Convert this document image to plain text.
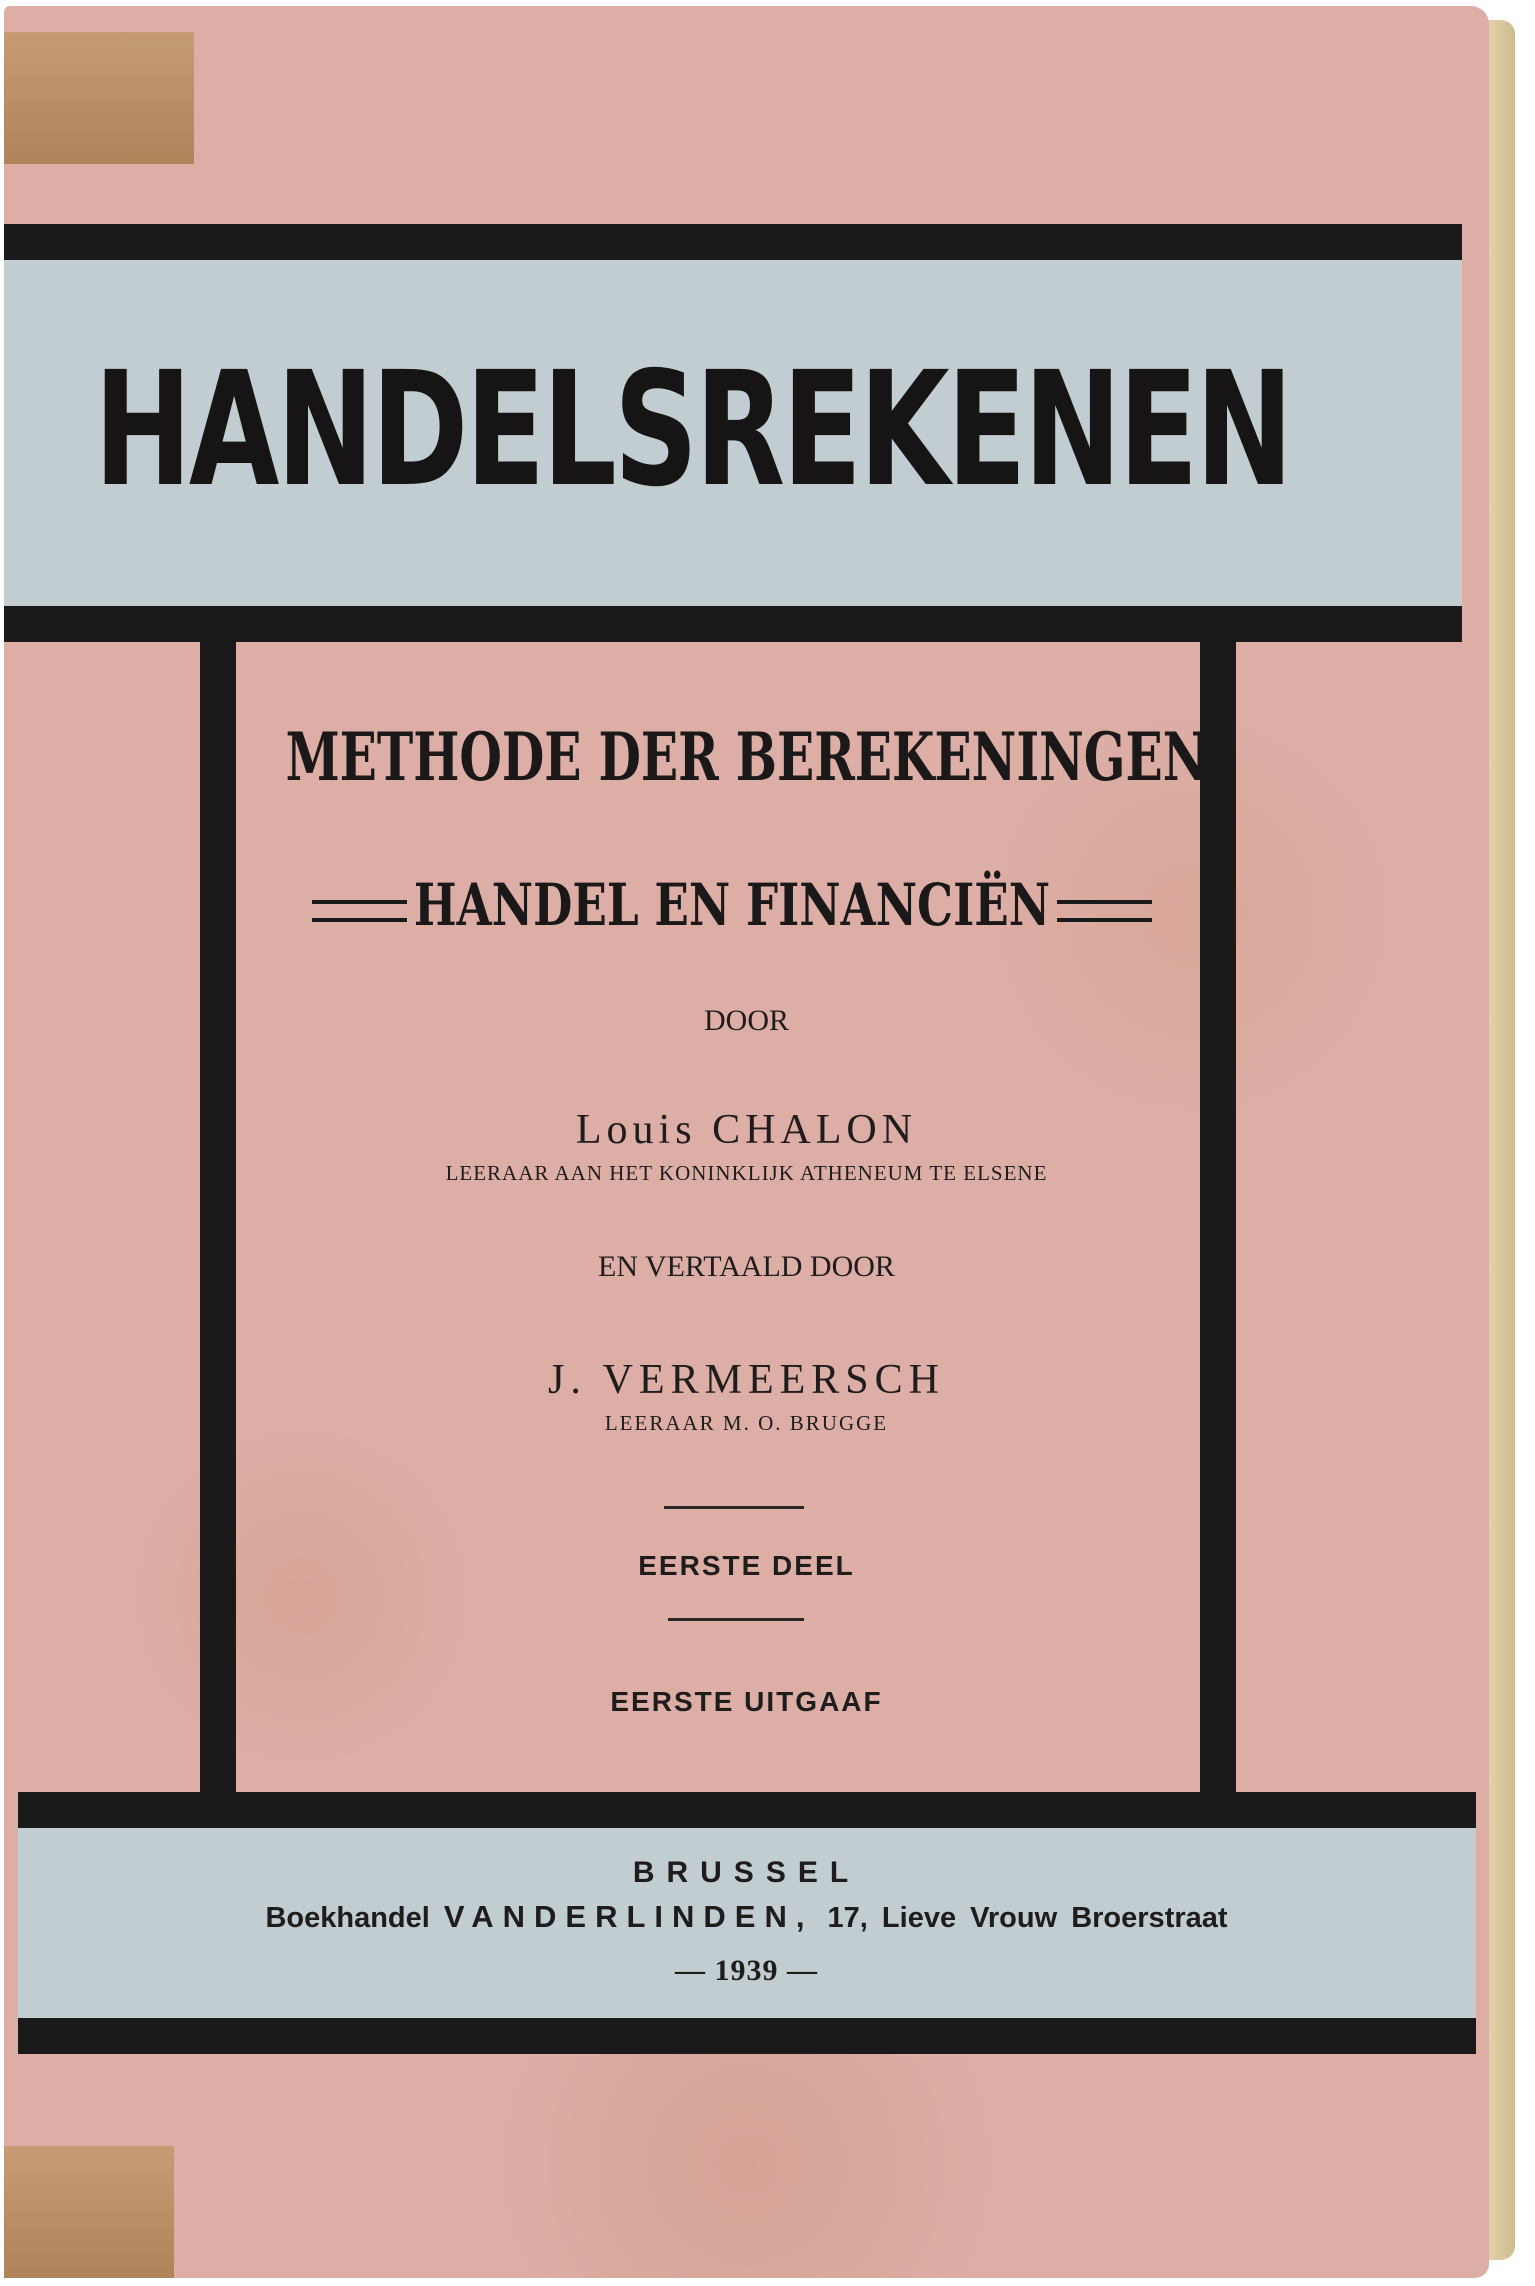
HANDELSREKENEN
METHODE DER BEREKENINGEN
HANDEL EN FINANCIËN
DOOR
Louis CHALON
LEERAAR AAN HET KONINKLIJK ATHENEUM TE ELSENE
EN VERTAALD DOOR
J. VERMEERSCH
LEERAAR M. O. BRUGGE
EERSTE DEEL
EERSTE UITGAAF
BRUSSEL
Boekhandel VANDERLINDEN, 17, Lieve Vrouw Broerstraat
— 1939 —
